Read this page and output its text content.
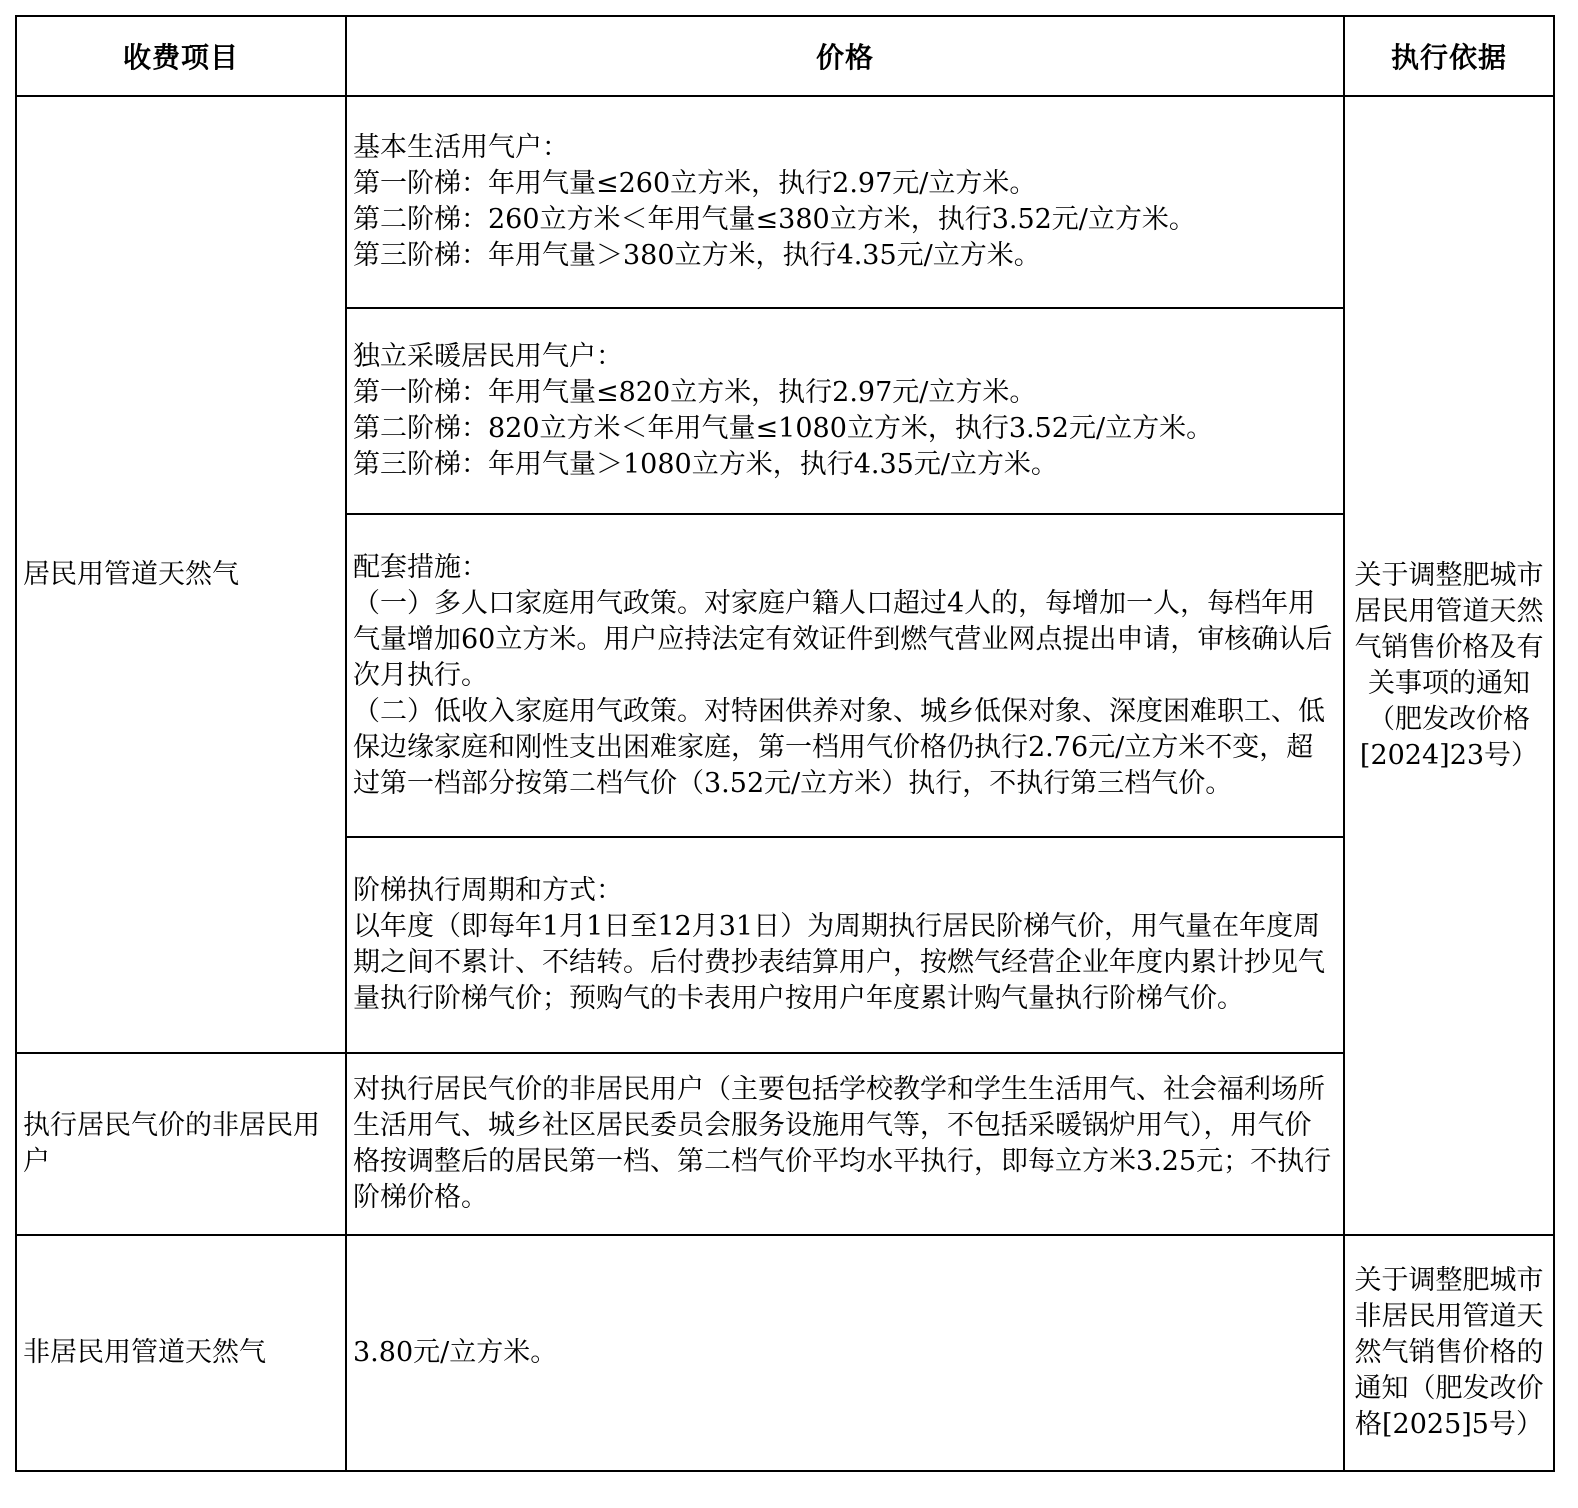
收费项目	价格	执行依据
居民用管道天然气	基本生活用气户：
第一阶梯：年用气量≤260立方米，执行2.97元/立方米。
第二阶梯：260立方米＜年用气量≤380立方米，执行3.52元/立方米。
第三阶梯：年用气量＞380立方米，执行4.35元/立方米。	关于调整肥城市居民用管道天然气销售价格及有关事项的通知（肥发改价格[2024]23号）

	独立采暖居民用气户：
第一阶梯：年用气量≤820立方米，执行2.97元/立方米。
第二阶梯：820立方米＜年用气量≤1080立方米，执行3.52元/立方米。
第三阶梯：年用气量＞1080立方米，执行4.35元/立方米。	

	配套措施：
（一）多人口家庭用气政策。对家庭户籍人口超过4人的，每增加一人，每档年用气量增加60立方米。用户应持法定有效证件到燃气营业网点提出申请，审核确认后次月执行。
（二）低收入家庭用气政策。对特困供养对象、城乡低保对象、深度困难职工、低保边缘家庭和刚性支出困难家庭，第一档用气价格仍执行2.76元/立方米不变，超过第一档部分按第二档气价（3.52元/立方米）执行，不执行第三档气价。	

	阶梯执行周期和方式：
以年度（即每年1月1日至12月31日）为周期执行居民阶梯气价，用气量在年度周期之间不累计、不结转。后付费抄表结算用户，按燃气经营企业年度内累计抄见气量执行阶梯气价；预购气的卡表用户按用户年度累计购气量执行阶梯气价。	

执行居民气价的非居民用户	对执行居民气价的非居民用户（主要包括学校教学和学生生活用气、社会福利场所生活用气、城乡社区居民委员会服务设施用气等，不包括采暖锅炉用气），用气价格按调整后的居民第一档、第二档气价平均水平执行，即每立方米3.25元；不执行阶梯价格。	
非居民用管道天然气	3.80元/立方米。	关于调整肥城市非居民用管道天然气销售价格的通知（肥发改价格[2025]5号）
